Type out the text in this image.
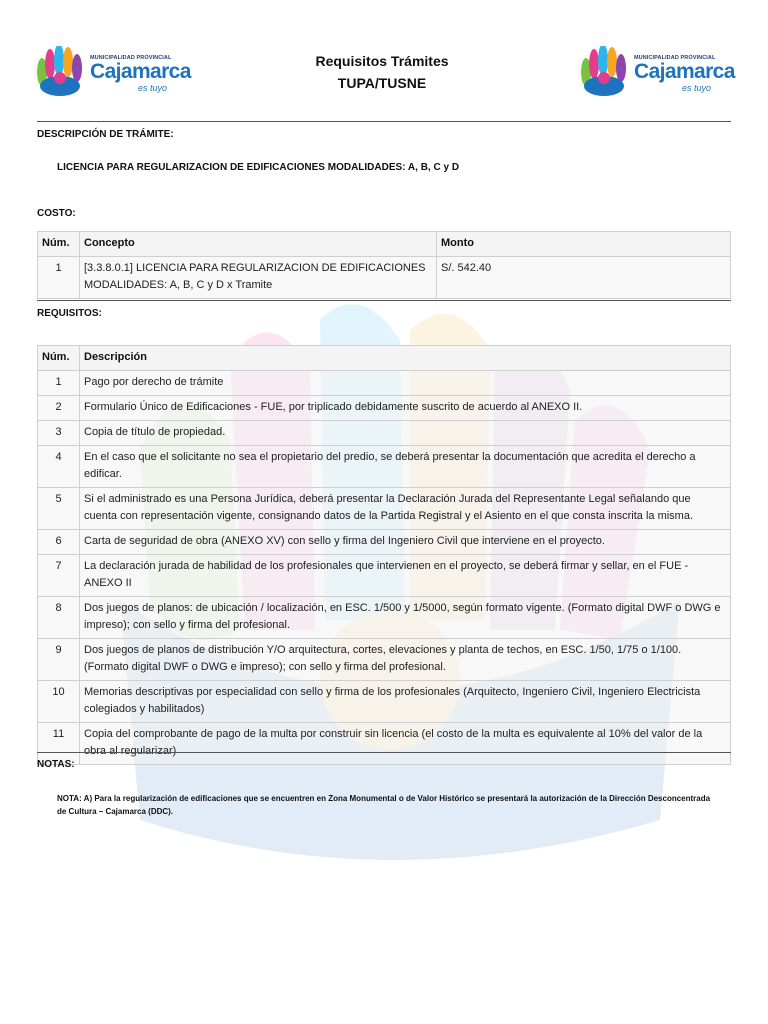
MUNICIPALIDAD PROVINCIAL
Cajamarca
es tuyo
MUNICIPALIDAD PROVINCIAL
Cajamarca
es tuyo
Requisitos Trámites
TUPA/TUSNE
DESCRIPCIÓN DE TRÁMITE:
LICENCIA PARA REGULARIZACION DE EDIFICACIONES MODALIDADES: A, B, C y D
COSTO:
Núm.	Concepto	Monto
1	[3.3.8.0.1] LICENCIA PARA REGULARIZACION DE EDIFICACIONES MODALIDADES: A, B, C y D x Tramite	S/. 542.40
REQUISITOS:
Núm.	Descripción
1	Pago por derecho de trámite
2	Formulario Único de Edificaciones - FUE, por triplicado debidamente suscrito de acuerdo al ANEXO II.
3	Copia de título de propiedad.
4	En el caso que el solicitante no sea el propietario del predio, se deberá presentar la documentación que acredita el derecho a edificar.
5	Si el administrado es una Persona Jurídica, deberá presentar la Declaración Jurada del Representante Legal señalando que cuenta con representación vigente, consignando datos de la Partida Registral y el Asiento en el que consta inscrita la misma.
6	Carta de seguridad de obra (ANEXO XV) con sello y firma del Ingeniero Civil que interviene en el proyecto.
7	La declaración jurada de habilidad de los profesionales que intervienen en el proyecto, se deberá firmar y sellar, en el FUE - ANEXO II
8	Dos juegos de planos: de ubicación / localización, en ESC. 1/500 y 1/5000, según formato vigente. (Formato digital DWF o DWG e impreso); con sello y firma del profesional.
9	Dos juegos de planos de distribución Y/O arquitectura, cortes, elevaciones y planta de techos, en ESC. 1/50, 1/75 o 1/100. (Formato digital DWF o DWG e impreso); con sello y firma del profesional.
10	Memorias descriptivas por especialidad con sello y firma de los profesionales (Arquitecto, Ingeniero Civil, Ingeniero Electricista colegiados y habilitados)
11	Copia del comprobante de pago de la multa por construir sin licencia (el costo de la multa es equivalente al 10% del valor de la obra al regularizar)
NOTAS:
NOTA: A) Para la regularización de edificaciones que se encuentren en Zona Monumental o de Valor Histórico se presentará la autorización de la Dirección Desconcentrada de Cultura – Cajamarca (DDC).
